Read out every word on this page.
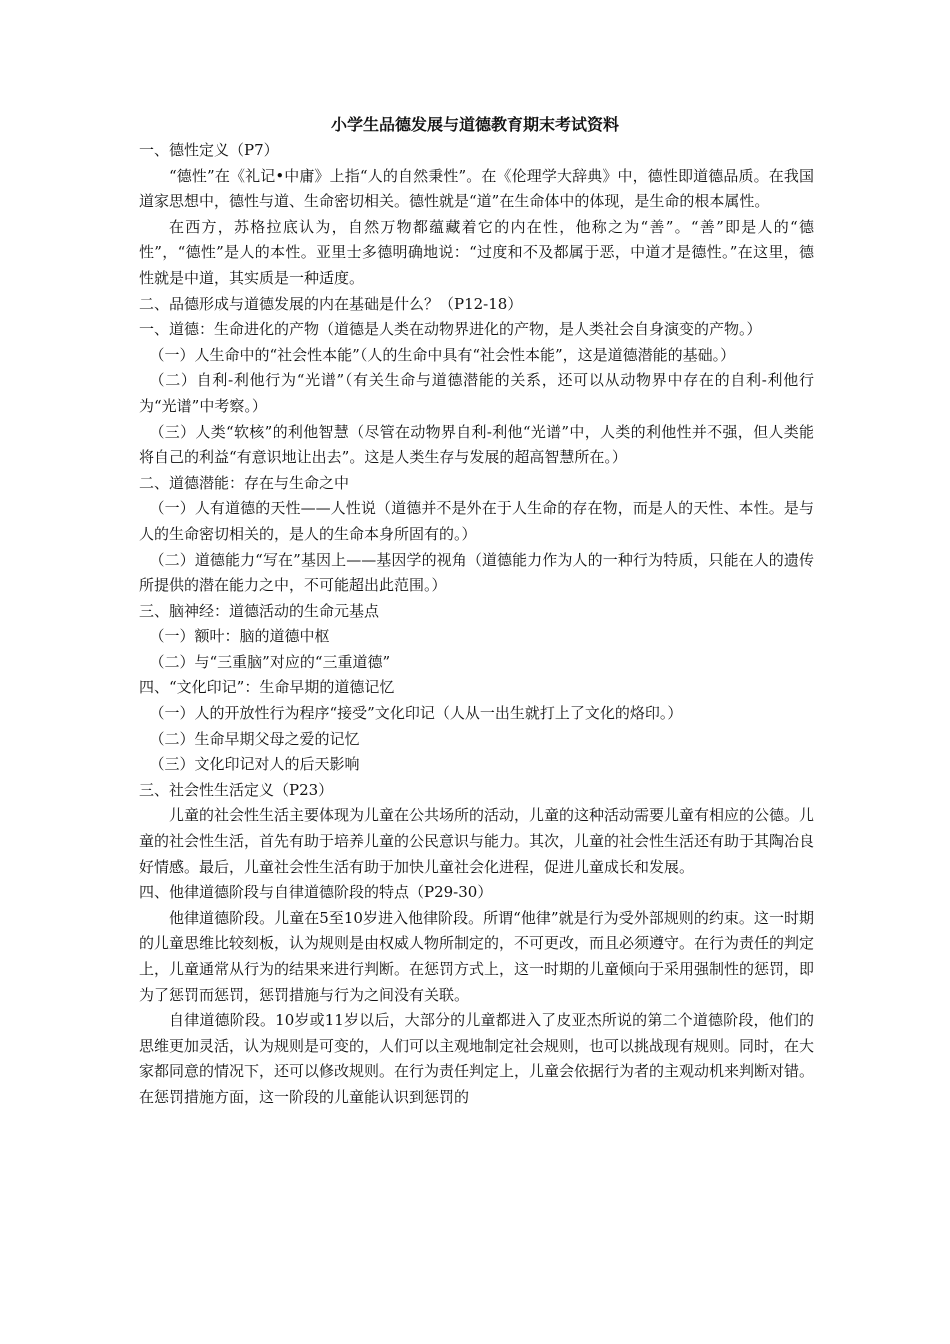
小学生品德发展与道德教育期末考试资料

一、德性定义（P7）

“德性”在《礼记•中庸》上指“人的自然秉性”。在《伦理学大辞典》中，德性即道德品质。在我国道家思想中，德性与道、生命密切相关。德性就是“道”在生命体中的体现，是生命的根本属性。

在西方，苏格拉底认为，自然万物都蕴藏着它的内在性，他称之为“善”。“善”即是人的“德性”，“德性”是人的本性。亚里士多德明确地说：“过度和不及都属于恶，中道才是德性。”在这里，德性就是中道，其实质是一种适度。

二、品德形成与道德发展的内在基础是什么？（P12-18）

一、道德：生命进化的产物（道德是人类在动物界进化的产物，是人类社会自身演变的产物。）

（一）人生命中的“社会性本能”（人的生命中具有“社会性本能”，这是道德潜能的基础。）

（二）自利-利他行为“光谱”（有关生命与道德潜能的关系，还可以从动物界中存在的自利-利他行为“光谱”中考察。）

（三）人类“软核”的利他智慧（尽管在动物界自利-利他“光谱”中，人类的利他性并不强，但人类能将自己的利益“有意识地让出去”。这是人类生存与发展的超高智慧所在。）

二、道德潜能：存在与生命之中

（一）人有道德的天性——人性说（道德并不是外在于人生命的存在物，而是人的天性、本性。是与人的生命密切相关的，是人的生命本身所固有的。）

（二）道德能力“写在”基因上——基因学的视角（道德能力作为人的一种行为特质，只能在人的遗传所提供的潜在能力之中，不可能超出此范围。）

三、脑神经：道德活动的生命元基点

（一）额叶：脑的道德中枢

（二）与“三重脑”对应的“三重道德”

四、“文化印记”：生命早期的道德记忆

（一）人的开放性行为程序“接受”文化印记（人从一出生就打上了文化的烙印。）

（二）生命早期父母之爱的记忆

（三）文化印记对人的后天影响

三、社会性生活定义（P23）

儿童的社会性生活主要体现为儿童在公共场所的活动，儿童的这种活动需要儿童有相应的公德。儿童的社会性生活，首先有助于培养儿童的公民意识与能力。其次，儿童的社会性生活还有助于其陶冶良好情感。最后，儿童社会性生活有助于加快儿童社会化进程，促进儿童成长和发展。

四、他律道德阶段与自律道德阶段的特点（P29-30）

他律道德阶段。儿童在5至10岁进入他律阶段。所谓“他律”就是行为受外部规则的约束。这一时期的儿童思维比较刻板，认为规则是由权威人物所制定的，不可更改，而且必须遵守。在行为责任的判定上，儿童通常从行为的结果来进行判断。在惩罚方式上，这一时期的儿童倾向于采用强制性的惩罚，即为了惩罚而惩罚，惩罚措施与行为之间没有关联。

自律道德阶段。10岁或11岁以后，大部分的儿童都进入了皮亚杰所说的第二个道德阶段，他们的思维更加灵活，认为规则是可变的，人们可以主观地制定社会规则，也可以挑战现有规则。同时，在大家都同意的情况下，还可以修改规则。在行为责任判定上，儿童会依据行为者的主观动机来判断对错。在惩罚措施方面，这一阶段的儿童能认识到惩罚的
